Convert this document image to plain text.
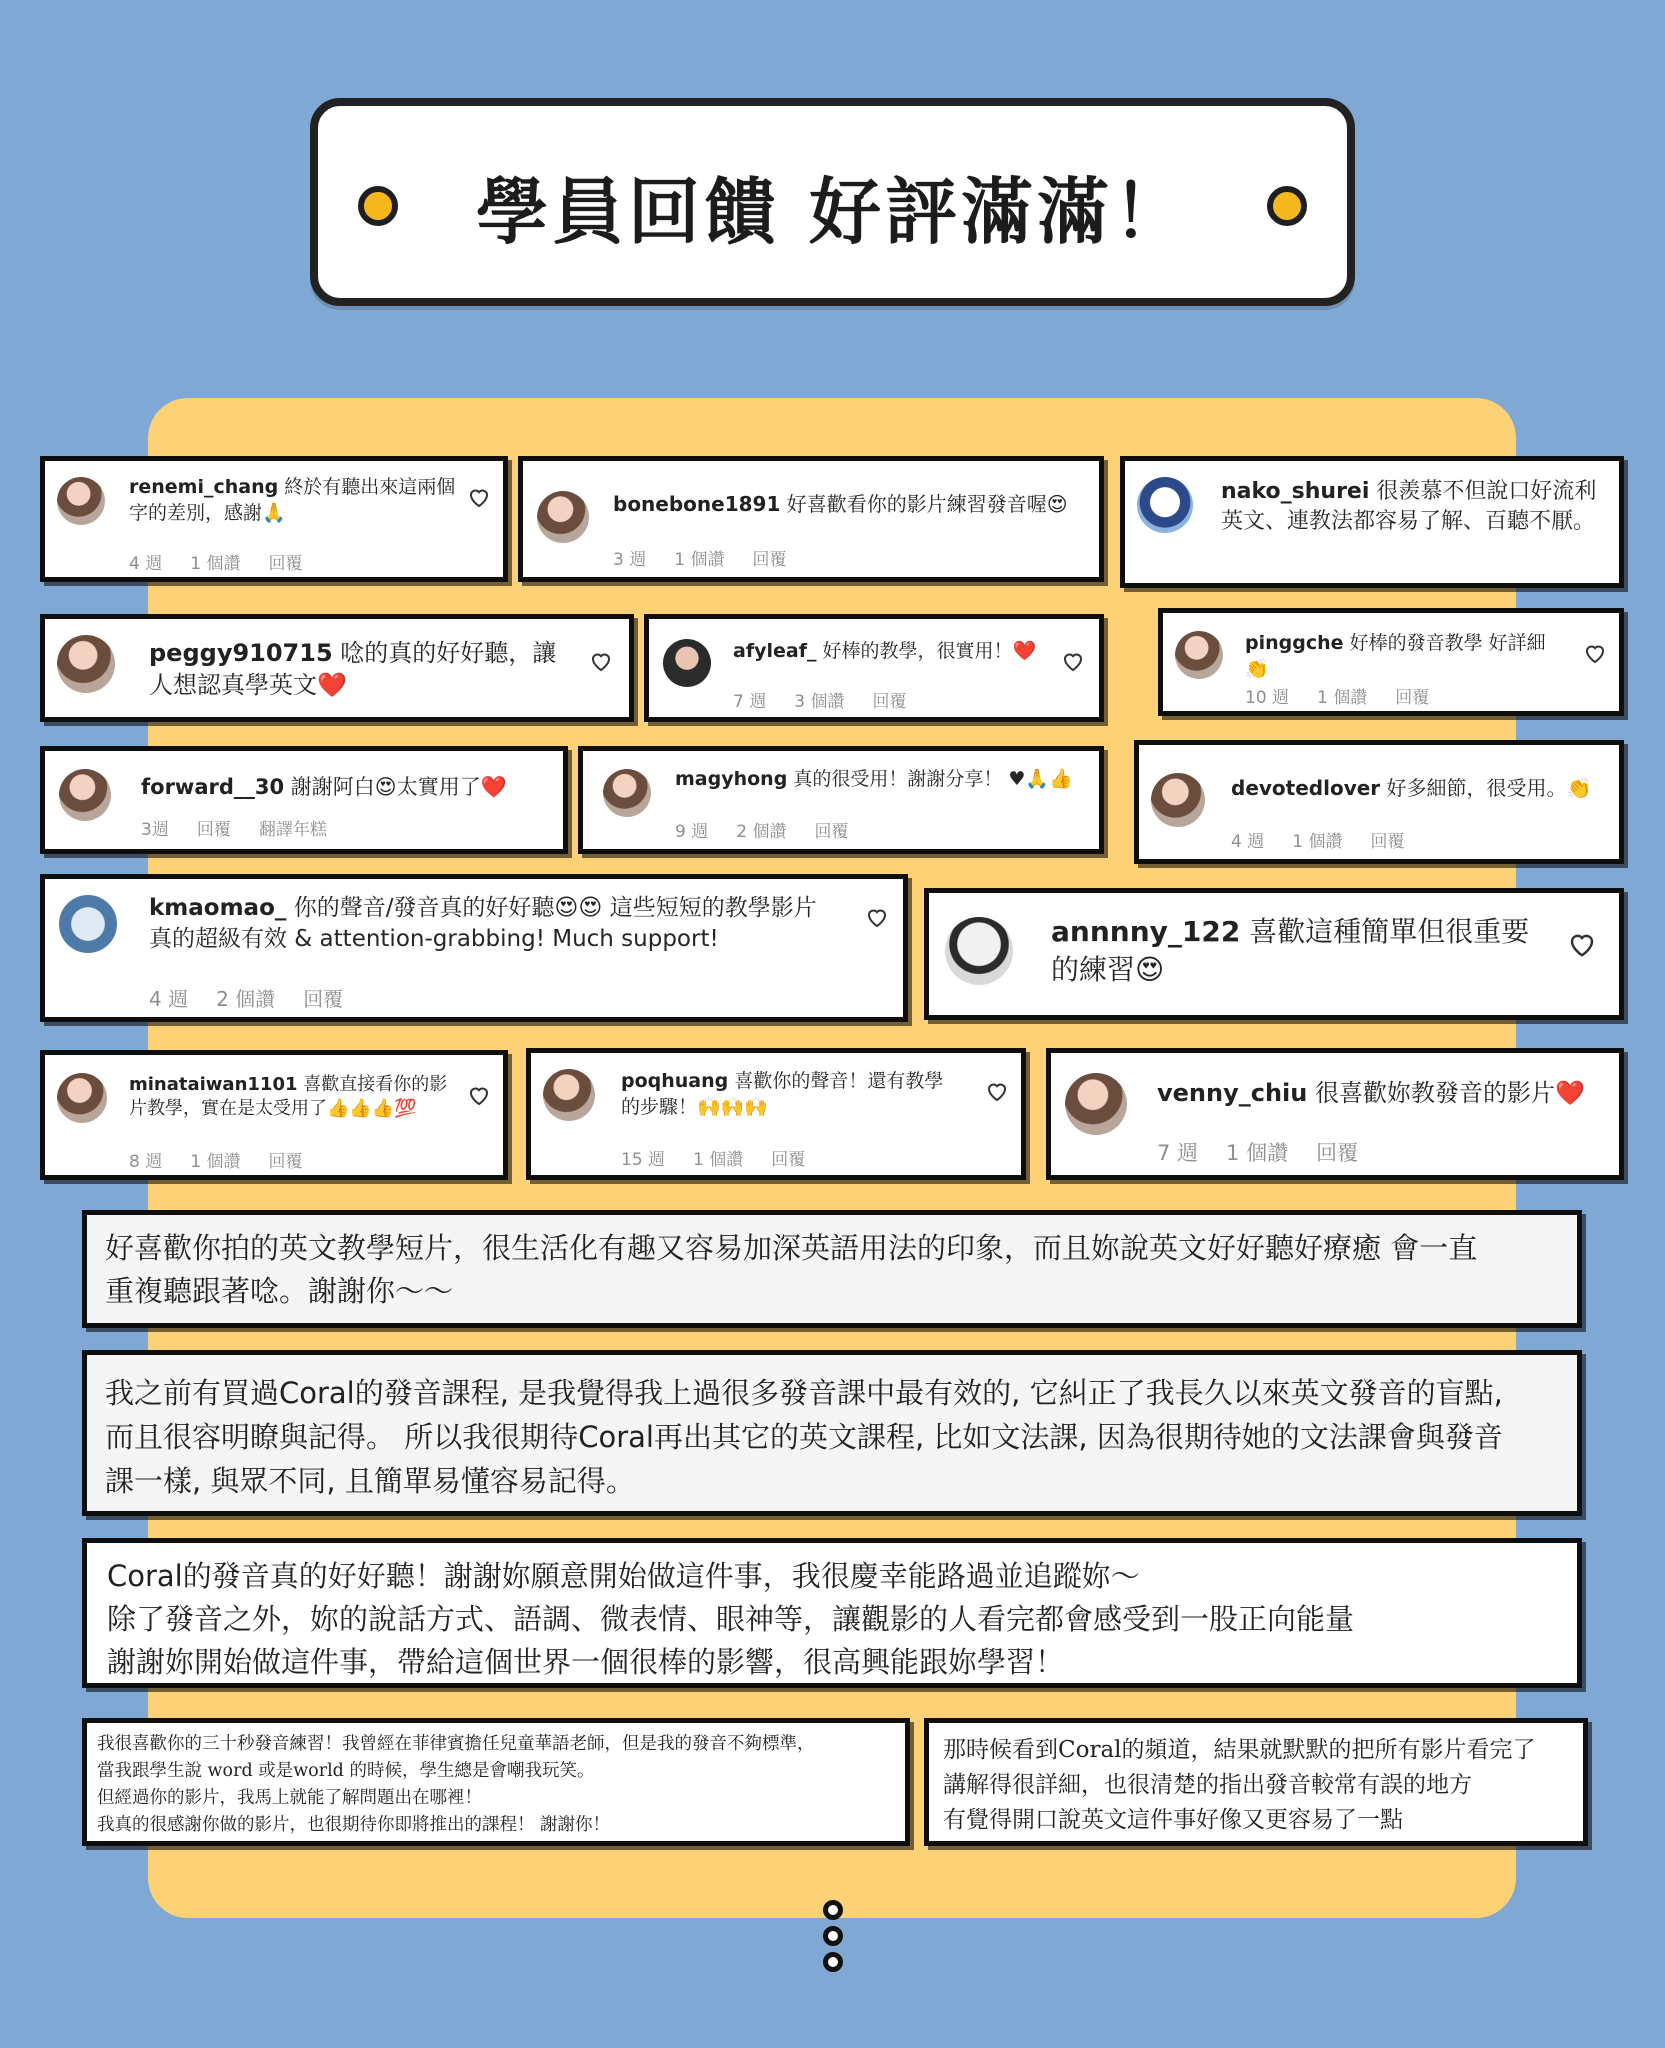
學員回饋 好評滿滿！
renemi_chang 終於有聽出來這兩個字的差別，感謝🙏
4 週 1 個讚 回覆
bonebone1891 好喜歡看你的影片練習發音喔😍
3 週 1 個讚 回覆
nako_shurei 很羨慕不但說口好流利英文、連教法都容易了解、百聽不厭。
peggy910715 唸的真的好好聽，讓人想認真學英文❤️
afyleaf_ 好棒的教學，很實用！❤️
7 週 3 個讚 回覆
pinggche 好棒的發音教學 好詳細👏
10 週 1 個讚 回覆
forward__30 謝謝阿白😍太實用了❤️
3週 回覆 翻譯年糕
magyhong 真的很受用！謝謝分享！ ♥🙏👍
9 週 2 個讚 回覆
devotedlover 好多細節，很受用。👏
4 週 1 個讚 回覆
kmaomao_ 你的聲音/發音真的好好聽😍😍 這些短短的教學影片真的超級有效 & attention-grabbing! Much support!
4 週 2 個讚 回覆
annnny_122 喜歡這種簡單但很重要的練習😍
minataiwan1101 喜歡直接看你的影片教學，實在是太受用了👍👍👍💯
8 週 1 個讚 回覆
poqhuang 喜歡你的聲音！還有教學的步驟！🙌🙌🙌
15 週 1 個讚 回覆
venny_chiu 很喜歡妳教發音的影片❤️
7 週 1 個讚 回覆
好喜歡你拍的英文教學短片，很生活化有趣又容易加深英語用法的印象，而且妳說英文好好聽好療癒 會一直
重複聽跟著唸。謝謝你～～
我之前有買過Coral的發音課程, 是我覺得我上過很多發音課中最有效的, 它糾正了我長久以來英文發音的盲點,
而且很容明瞭與記得。 所以我很期待Coral再出其它的英文課程, 比如文法課, 因為很期待她的文法課會與發音
課一樣, 與眾不同, 且簡單易懂容易記得。
Coral的發音真的好好聽！謝謝妳願意開始做這件事，我很慶幸能路過並追蹤妳～
除了發音之外，妳的說話方式、語調、微表情、眼神等，讓觀影的人看完都會感受到一股正向能量
謝謝妳開始做這件事，帶給這個世界一個很棒的影響，很高興能跟妳學習！
我很喜歡你的三十秒發音練習！我曾經在菲律賓擔任兒童華語老師，但是我的發音不夠標準，
當我跟學生說 word 或是world 的時候，學生總是會嘲我玩笑。
但經過你的影片，我馬上就能了解問題出在哪裡！
我真的很感謝你做的影片，也很期待你即將推出的課程！ 謝謝你！
那時候看到Coral的頻道，結果就默默的把所有影片看完了
講解得很詳細，也很清楚的指出發音較常有誤的地方
有覺得開口說英文這件事好像又更容易了一點
